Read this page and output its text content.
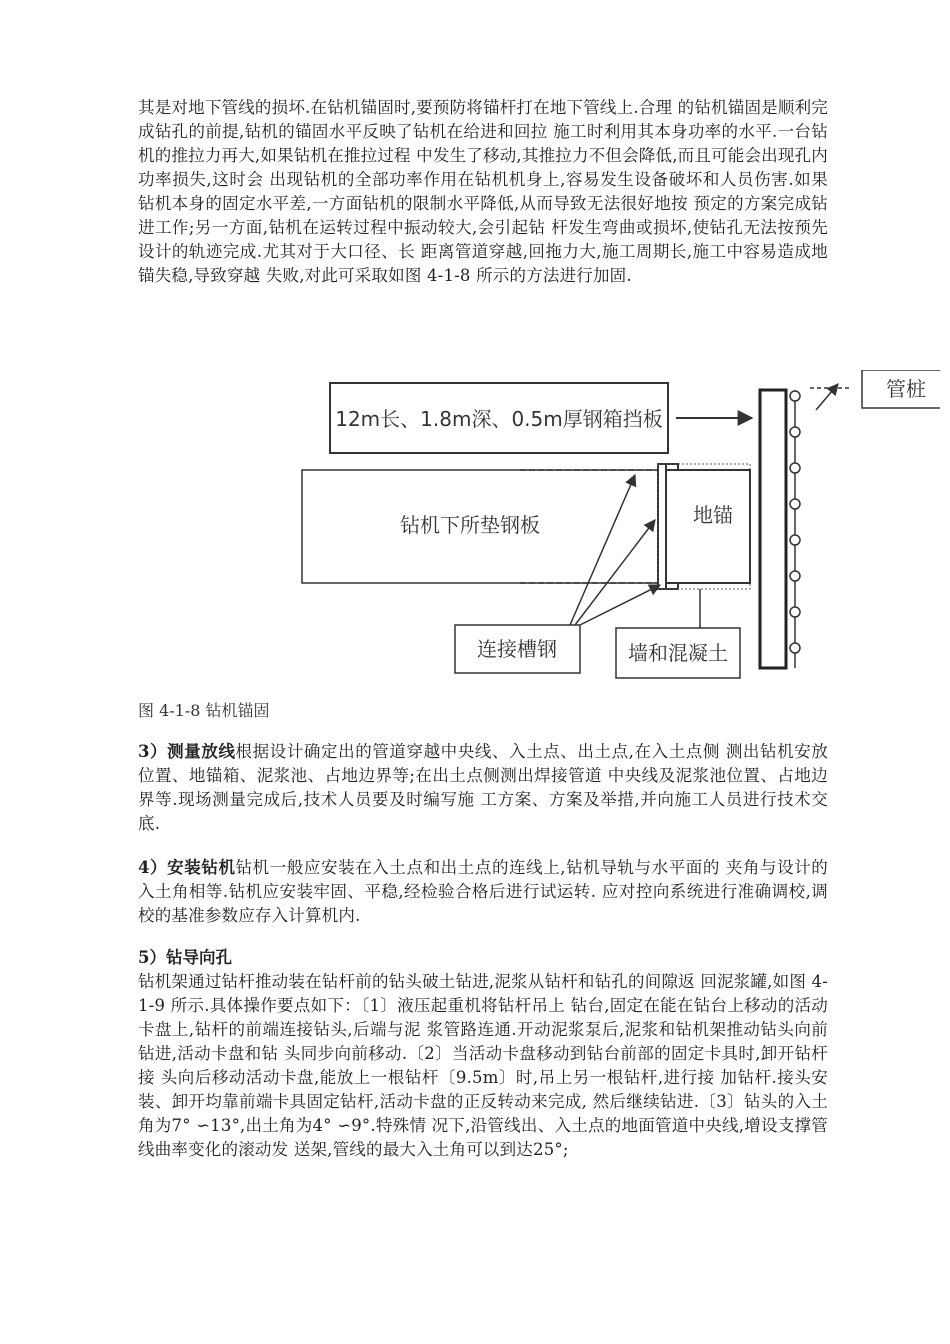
其是对地下管线的损坏.在钻机锚固时,要预防将锚杆打在地下管线上.合理 的钻机锚固是顺利完成钻孔的前提,钻机的锚固水平反映了钻机在给进和回拉 施工时利用其本身功率的水平.一台钻机的推拉力再大,如果钻机在推拉过程 中发生了移动,其推拉力不但会降低,而且可能会出现孔内功率损失,这时会 出现钻机的全部功率作用在钻机机身上,容易发生设备破坏和人员伤害.如果 钻机本身的固定水平差,一方面钻机的限制水平降低,从而导致无法很好地按 预定的方案完成钻进工作;另一方面,钻机在运转过程中振动较大,会引起钻 杆发生弯曲或损坏,使钻孔无法按预先设计的轨迹完成.尤其对于大口径、长 距离管道穿越,回拖力大,施工周期长,施工中容易造成地锚失稳,导致穿越 失败,对此可采取如图 4-1-8 所示的方法进行加固.

12m长、1.8m深、0.5m厚钢箱挡板
钻机下所垫钢板	地锚
管桩
连接槽钢	墙和混凝土
图 4-1-8 钻机锚固

3）测量放线根据设计确定出的管道穿越中央线、入土点、出土点,在入土点侧 测出钻机安放位置、地锚箱、泥浆池、占地边界等;在出土点侧测出焊接管道 中央线及泥浆池位置、占地边界等.现场测量完成后,技术人员要及时编写施 工方案、方案及举措,并向施工人员进行技术交底.

4）安装钻机钻机一般应安装在入土点和出土点的连线上,钻机导轨与水平面的 夹角与设计的入土角相等.钻机应安装牢固、平稳,经检验合格后进行试运转. 应对控向系统进行准确调校,调校的基准参数应存入计算机内.

5）钻导向孔

钻机架通过钻杆推动装在钻杆前的钻头破土钻进,泥浆从钻杆和钻孔的间隙返 回泥浆罐,如图 4-1-9 所示.具体操作要点如下：〔1〕液压起重机将钻杆吊上 钻台,固定在能在钻台上移动的活动卡盘上,钻杆的前端连接钻头,后端与泥 浆管路连通.开动泥浆泵后,泥浆和钻机架推动钻头向前钻进,活动卡盘和钻 头同步向前移动.〔2〕当活动卡盘移动到钻台前部的固定卡具时,卸开钻杆接 头向后移动活动卡盘,能放上一根钻杆〔9.5m〕时,吊上另一根钻杆,进行接 加钻杆.接头安装、卸开均靠前端卡具固定钻杆,活动卡盘的正反转动来完成, 然后继续钻进.〔3〕钻头的入土角为7° ∽13°,出土角为4° ∽9°.特殊情 况下,沿管线出、入土点的地面管道中央线,增设支撑管线曲率变化的滚动发 送架,管线的最大入土角可以到达25°;
